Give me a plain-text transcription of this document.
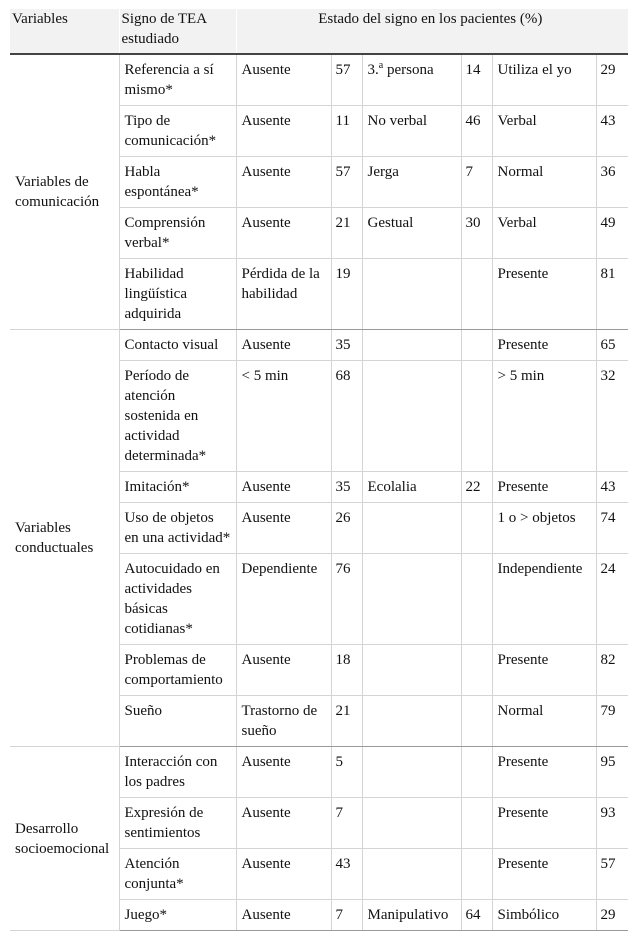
Variables	Signo de TEA estudiado	Estado del signo en los pacientes (%)					
Variables de comunicación	Referencia a sí mismo*	Ausente	57	3.$^a$ persona	14	Utiliza el yo	29
	Tipo de comunicación*	Ausente	11	No verbal	46	Verbal	43
	Habla espontánea*	Ausente	57	Jerga	7	Normal	36
	Comprensión verbal*	Ausente	21	Gestual	30	Verbal	49
	Habilidad lingüística adquirida	Pérdida de la habilidad	19			Presente	81
Variables conductuales	Contacto visual	Ausente	35			Presente	65
	Período de atención sostenida en actividad determinada*	< 5 min	68			> 5 min	32
	Imitación*	Ausente	35	Ecolalia	22	Presente	43
	Uso de objetos en una actividad*	Ausente	26			1 o > objetos	74
	Autocuidado en actividades básicas cotidianas*	Dependiente	76			Independiente	24
	Problemas de comportamiento	Ausente	18			Presente	82
	Sueño	Trastorno de sueño	21			Normal	79
Desarrollo socioemocional	Interacción con los padres	Ausente	5			Presente	95
	Expresión de sentimientos	Ausente	7			Presente	93
	Atención conjunta*	Ausente	43			Presente	57
	Juego*	Ausente	7	Manipulativo	64	Simbólico	29
